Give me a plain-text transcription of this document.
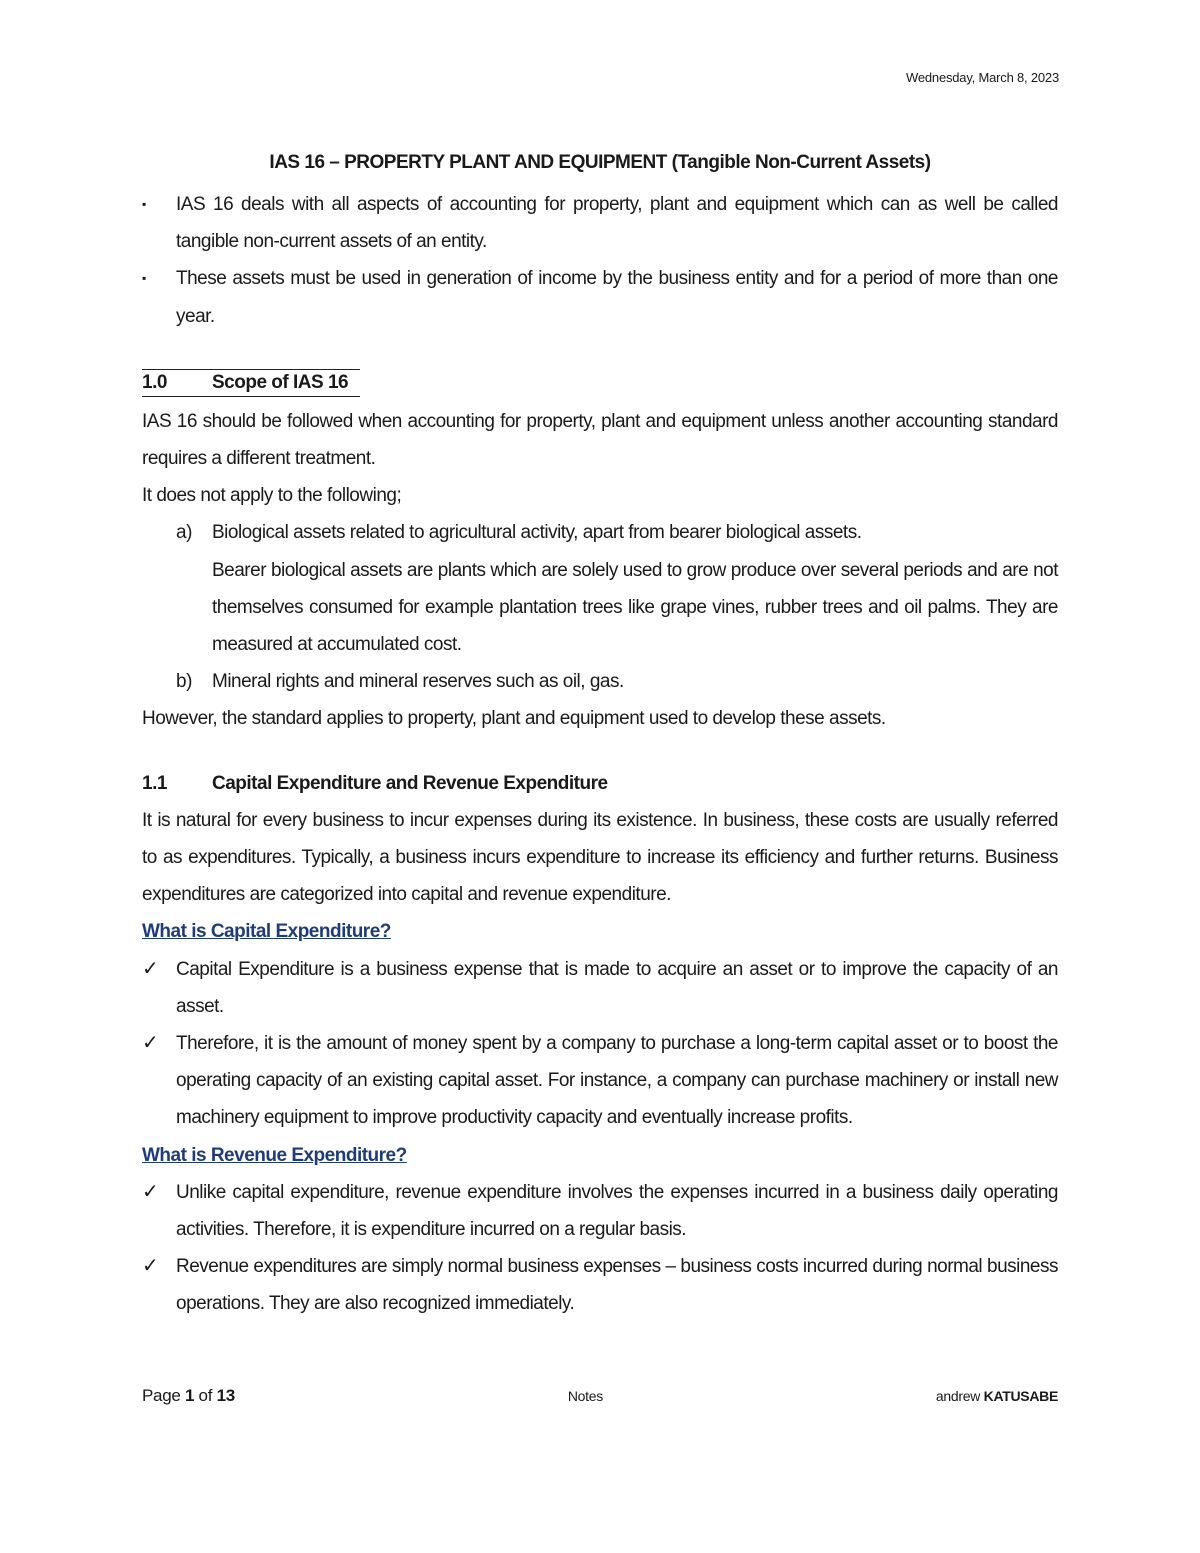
Wednesday, March 8, 2023
IAS 16 – PROPERTY PLANT AND EQUIPMENT (Tangible Non-Current Assets)
▪	IAS 16 deals with all aspects of accounting for property, plant and equipment which can as well be called tangible non-current assets of an entity.
▪	These assets must be used in generation of income by the business entity and for a period of more than one year.
1.0	Scope of IAS 16

IAS 16 should be followed when accounting for property, plant and equipment unless another accounting standard requires a different treatment.

It does not apply to the following;

a) Biological assets related to agricultural activity, apart from bearer biological assets.
Bearer biological assets are plants which are solely used to grow produce over several periods and are not themselves consumed for example plantation trees like grape vines, rubber trees and oil palms. They are measured at accumulated cost.
b) Mineral rights and mineral reserves such as oil, gas.

However, the standard applies to property, plant and equipment used to develop these assets.

1.1	Capital Expenditure and Revenue Expenditure

It is natural for every business to incur expenses during its existence. In business, these costs are usually referred to as expenditures. Typically, a business incurs expenditure to increase its efficiency and further returns. Business expenditures are categorized into capital and revenue expenditure.

What is Capital Expenditure?
✓ Capital Expenditure is a business expense that is made to acquire an asset or to improve the capacity of an asset.
✓ Therefore, it is the amount of money spent by a company to purchase a long-term capital asset or to boost the operating capacity of an existing capital asset. For instance, a company can purchase machinery or install new machinery equipment to improve productivity capacity and eventually increase profits.
What is Revenue Expenditure?
✓ Unlike capital expenditure, revenue expenditure involves the expenses incurred in a business daily operating activities. Therefore, it is expenditure incurred on a regular basis.
✓ Revenue expenditures are simply normal business expenses – business costs incurred during normal business operations. They are also recognized immediately.
Page 1 of 13	Notes	andrew KATUSABE
